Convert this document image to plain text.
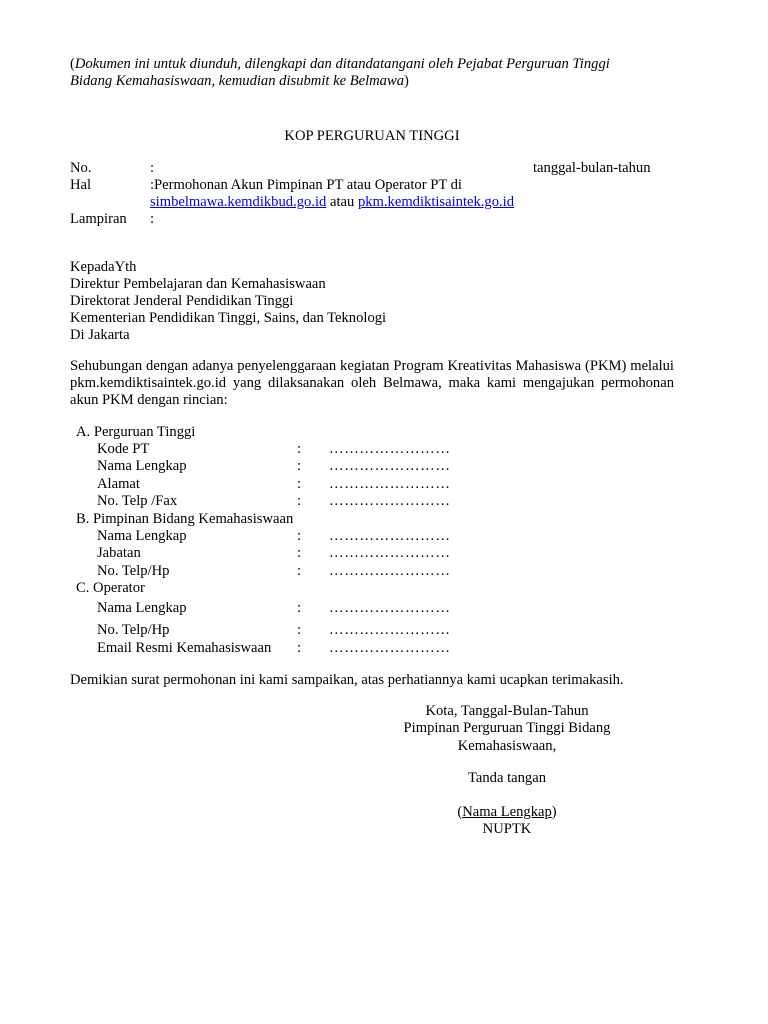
(Dokumen ini untuk diunduh, dilengkapi dan ditandatangani oleh Pejabat Perguruan Tinggi
Bidang Kemahasiswaan, kemudian disubmit ke Belmawa)
KOP PERGURUAN TINGGI
No.	:	tanggal-bulan-tahun
Hal	:Permohonan Akun Pimpinan PT atau Operator PT di
simbelmawa.kemdikbud.go.id atau pkm.kemdiktisaintek.go.id
Lampiran :
KepadaYth
Direktur Pembelajaran dan Kemahasiswaan
Direktorat Jenderal Pendidikan Tinggi
Kementerian Pendidikan Tinggi, Sains, dan Teknologi
Di Jakarta
Sehubungan dengan adanya penyelenggaraan kegiatan Program Kreativitas Mahasiswa (PKM) melalui pkm.kemdiktisaintek.go.id yang dilaksanakan oleh Belmawa, maka kami mengajukan permohonan akun PKM dengan rincian:
A. Perguruan Tinggi
Kode PT	: ……………………
Nama Lengkap	: ……………………
Alamat	: ……………………
No. Telp /Fax	: ……………………
B. Pimpinan Bidang Kemahasiswaan
Nama Lengkap	: ……………………
Jabatan	: ……………………
No. Telp/Hp	: ……………………
C. Operator
Nama Lengkap	: ……………………
No. Telp/Hp	: ……………………
Email Resmi Kemahasiswaan : ……………………
Demikian surat permohonan ini kami sampaikan, atas perhatiannya kami ucapkan terimakasih.
Kota, Tanggal-Bulan-Tahun
Pimpinan Perguruan Tinggi Bidang
Kemahasiswaan,
Tanda tangan
(Nama Lengkap)
NUPTK
